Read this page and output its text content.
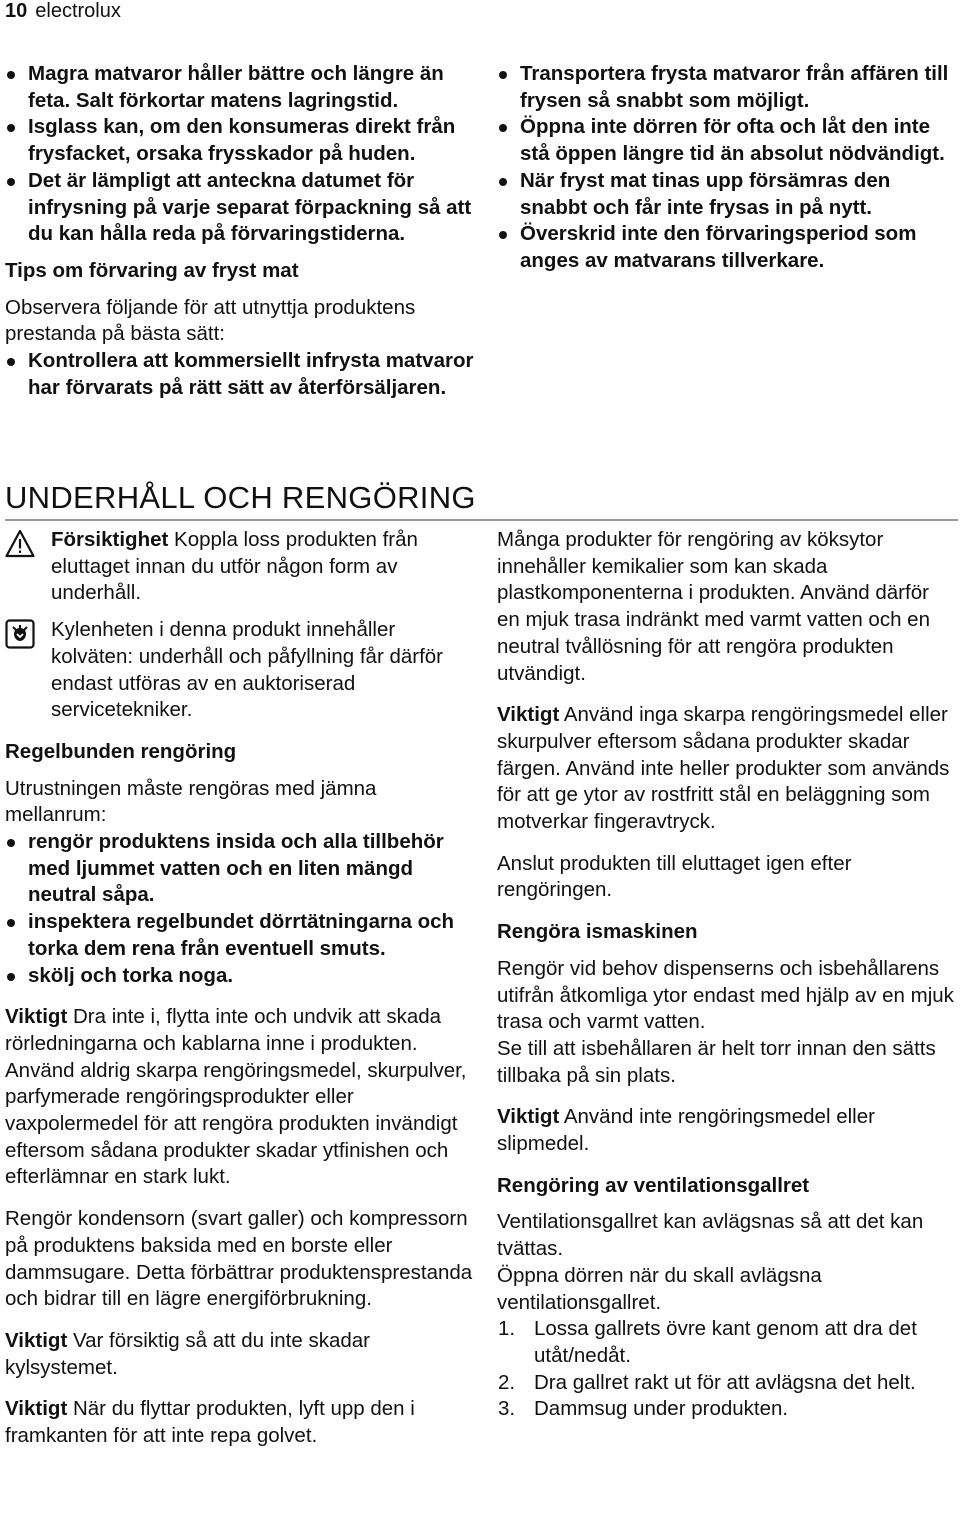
10 electrolux
Magra matvaror håller bättre och längre än feta. Salt förkortar matens lagringstid.
Isglass kan, om den konsumeras direkt från frysfacket, orsaka frysskador på huden.
Det är lämpligt att anteckna datumet för infrysning på varje separat förpackning så att du kan hålla reda på förvaringstiderna.

Tips om förvaring av fryst mat

Observera följande för att utnyttja produktens prestanda på bästa sätt:

Kontrollera att kommersiellt infrysta matvaror har förvarats på rätt sätt av återförsäljaren.
Transportera frysta matvaror från affären till frysen så snabbt som möjligt.
Öppna inte dörren för ofta och låt den inte stå öppen längre tid än absolut nödvändigt.
När fryst mat tinas upp försämras den snabbt och får inte frysas in på nytt.
Överskrid inte den förvaringsperiod som anges av matvarans tillverkare.
UNDERHÅLL OCH RENGÖRING

Försiktighet Koppla loss produkten från eluttaget innan du utför någon form av underhåll.

Kylenheten i denna produkt innehåller kolväten: underhåll och påfyllning får därför endast utföras av en auktoriserad servicetekniker.

Regelbunden rengöring

Utrustningen måste rengöras med jämna mellanrum:

rengör produktens insida och alla tillbehör med ljummet vatten och en liten mängd neutral såpa.
inspektera regelbundet dörrtätningarna och torka dem rena från eventuell smuts.
skölj och torka noga.

Viktigt Dra inte i, flytta inte och undvik att skada rörledningarna och kablarna inne i produkten.

Använd aldrig skarpa rengöringsmedel, skurpulver, parfymerade rengöringsprodukter eller vaxpolermedel för att rengöra produkten invändigt eftersom sådana produkter skadar ytfinishen och efterlämnar en stark lukt.

Rengör kondensorn (svart galler) och kompressorn på produktens baksida med en borste eller dammsugare. Detta förbättrar produktensprestanda och bidrar till en lägre energiförbrukning.

Viktigt Var försiktig så att du inte skadar kylsystemet.

Viktigt När du flyttar produkten, lyft upp den i framkanten för att inte repa golvet.

Många produkter för rengöring av köksytor innehåller kemikalier som kan skada plastkomponenterna i produkten. Använd därför en mjuk trasa indränkt med varmt vatten och en neutral tvållösning för att rengöra produkten utvändigt.

Viktigt Använd inga skarpa rengöringsmedel eller skurpulver eftersom sådana produkter skadar färgen. Använd inte heller produkter som används för att ge ytor av rostfritt stål en beläggning som motverkar fingeravtryck.

Anslut produkten till eluttaget igen efter rengöringen.

Rengöra ismaskinen

Rengör vid behov dispenserns och isbehållarens utifrån åtkomliga ytor endast med hjälp av en mjuk trasa och varmt vatten.

Se till att isbehållaren är helt torr innan den sätts tillbaka på sin plats.

Viktigt Använd inte rengöringsmedel eller slipmedel.

Rengöring av ventilationsgallret

Ventilationsgallret kan avlägsnas så att det kan tvättas.

Öppna dörren när du skall avlägsna ventilationsgallret.

1. Lossa gallrets övre kant genom att dra det utåt/nedåt.
2. Dra gallret rakt ut för att avlägsna det helt.
3. Dammsug under produkten.
